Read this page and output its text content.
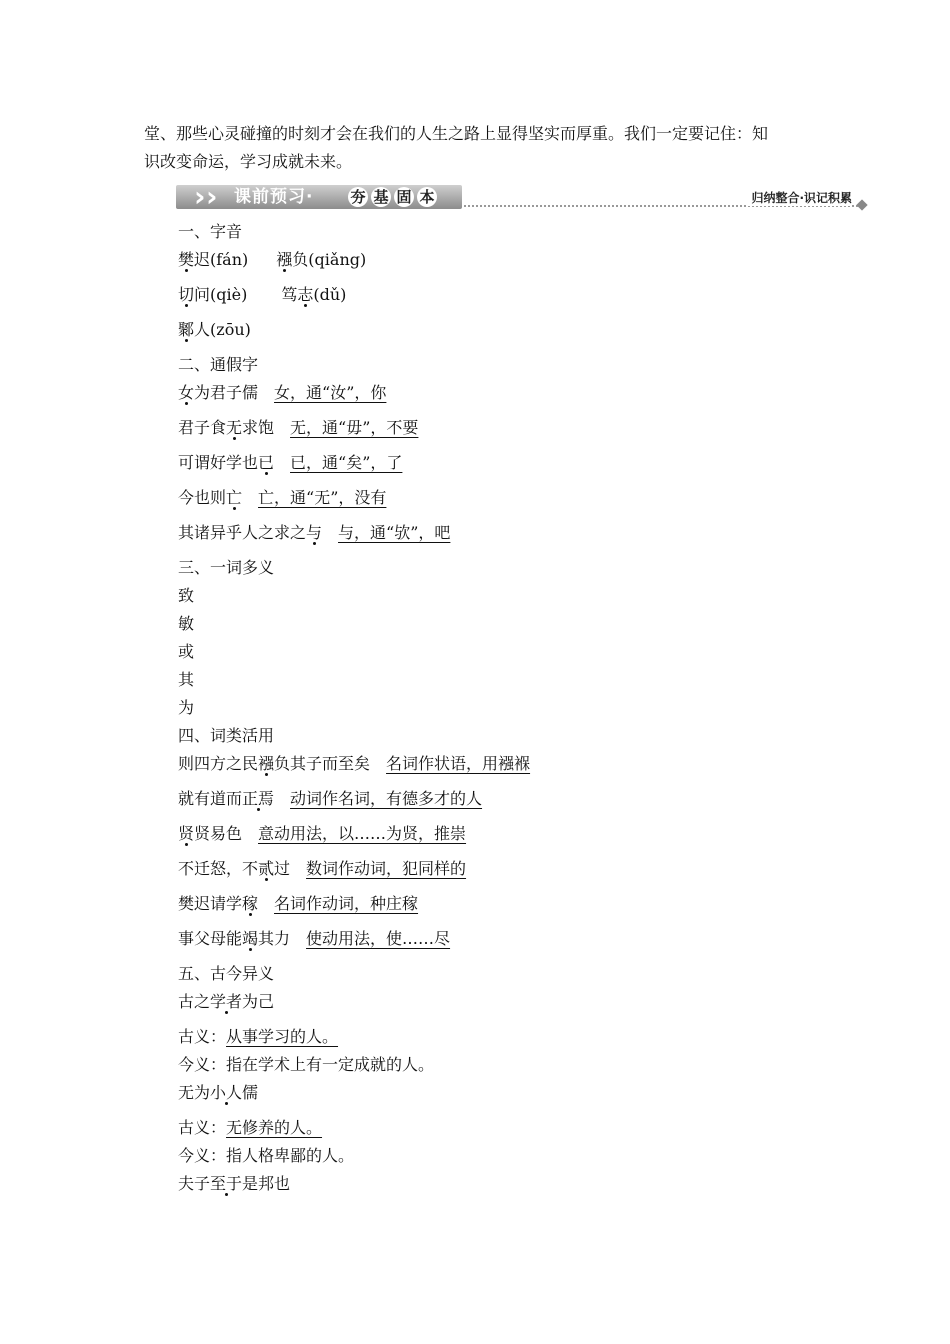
堂、那些心灵碰撞的时刻才会在我们的人生之路上显得坚实而厚重。我们一定要记住：知
识改变命运，学习成就未来。

› › 课前预习· 夯 基 固 本	归纳整合·识记积累
一、字音
樊迟(fán) 襁负(qiǎng)
切问(qiè) 笃志(dǔ)
鄹人(zōu)
二、通假字
女为君子儒 女，通“汝”，你
君子食无求饱 无，通“毋”，不要
可谓好学也已 已，通“矣”，了
今也则亡 亡，通“无”，没有
其诸异乎人之求之与 与，通“欤”，吧
三、一词多义
致
敏
或
其
为
四、词类活用
则四方之民襁负其子而至矣 名词作状语，用襁褓
就有道而正焉 动词作名词，有德多才的人
贤贤易色 意动用法，以……为贤，推崇
不迁怒，不贰过 数词作动词，犯同样的
樊迟请学稼 名词作动词，种庄稼
事父母能竭其力 使动用法，使……尽
五、古今异义
古之学者为己
古义：从事学习的人。
今义：指在学术上有一定成就的人。
无为小人儒
古义：无修养的人。
今义：指人格卑鄙的人。
夫子至于是邦也
